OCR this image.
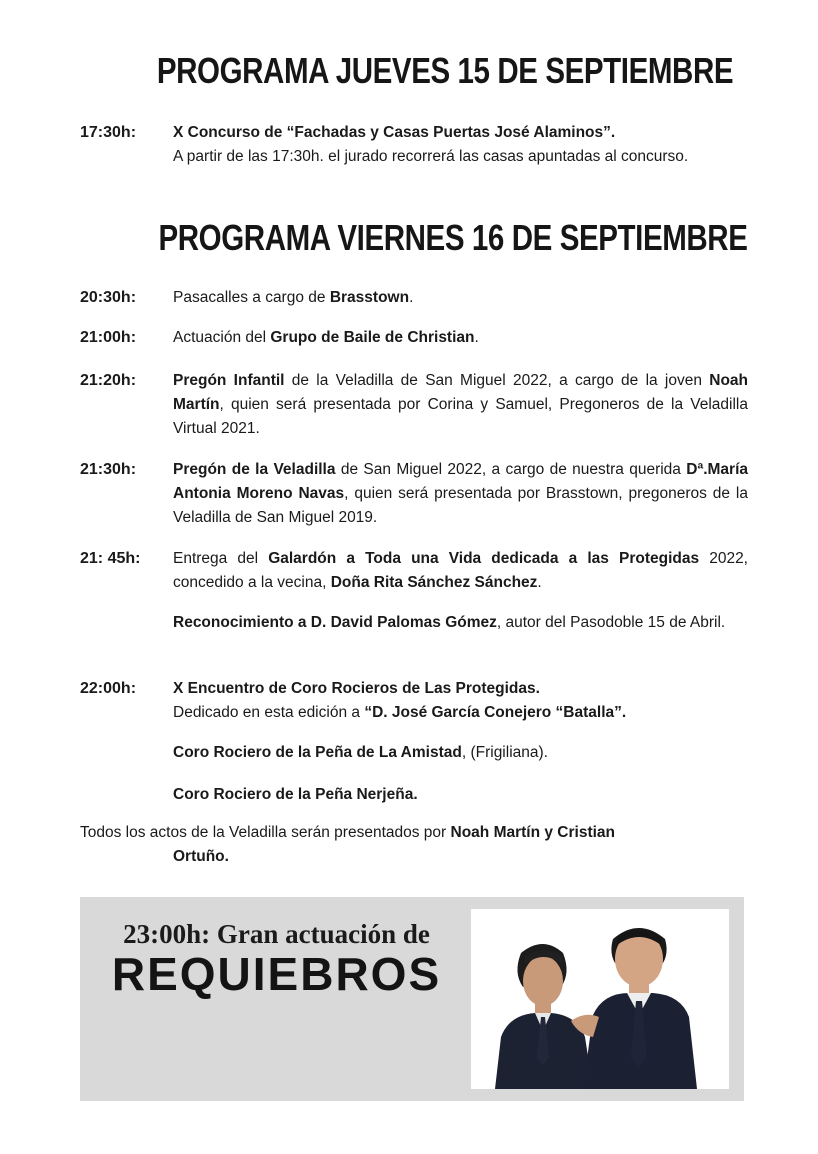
PROGRAMA JUEVES 15 DE SEPTIEMBRE
17:30h:	X Concurso de “Fachadas y Casas Puertas José Alaminos”.

A partir de las 17:30h. el jurado recorrerá las casas apuntadas al concurso.

PROGRAMA VIERNES 16 DE SEPTIEMBRE
20:30h:	Pasacalles a cargo de Brasstown.

21:00h:	Actuación del Grupo de Baile de Christian.

21:20h:	Pregón Infantil de la Veladilla de San Miguel 2022, a cargo de la joven Noah Martín, quien será presentada por Corina y Samuel, Pregoneros de la Veladilla Virtual 2021.

21:30h:	Pregón de la Veladilla de San Miguel 2022, a cargo de nuestra querida Dª.María Antonia Moreno Navas, quien será presentada por Brasstown, pregoneros de la Veladilla de San Miguel 2019.

21: 45h:	Entrega del Galardón a Toda una Vida dedicada a las Protegidas 2022, concedido a la vecina, Doña Rita Sánchez Sánchez.

Reconocimiento a D. David Palomas Gómez, autor del Pasodoble 15 de Abril.
22:00h:	X Encuentro de Coro Rocieros de Las Protegidas.

Dedicado en esta edición a “D. José García Conejero “Batalla”.

Coro Rociero de la Peña de La Amistad, (Frigiliana).
Coro Rociero de la Peña Nerjeña.
Todos los actos de la Veladilla serán presentados por Noah Martín y Cristian
Ortuño.
23:00h: Gran actuación de
REQUIEBROS
